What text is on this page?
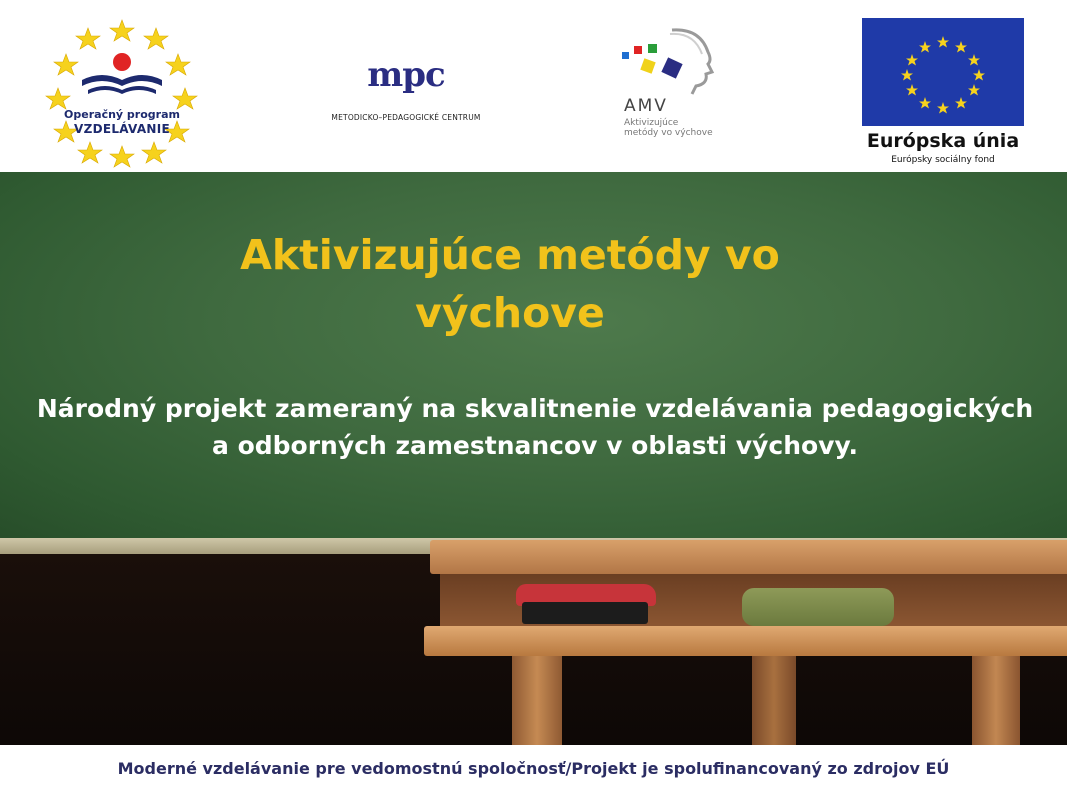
Operačný program
VZDELÁVANIE
mpc
METODICKO–PEDAGOGICKÉ CENTRUM
AMV
Aktivizujúce metódy vo výchove	Európska únia
Európsky sociálny fond
Aktivizujúce metódy vo výchove

Národný projekt zameraný na skvalitnenie vzdelávania pedagogických a odborných zamestnancov v oblasti výchovy.

Moderné vzdelávanie pre vedomostnú spoločnosť/Projekt je spolufinancovaný zo zdrojov EÚ
